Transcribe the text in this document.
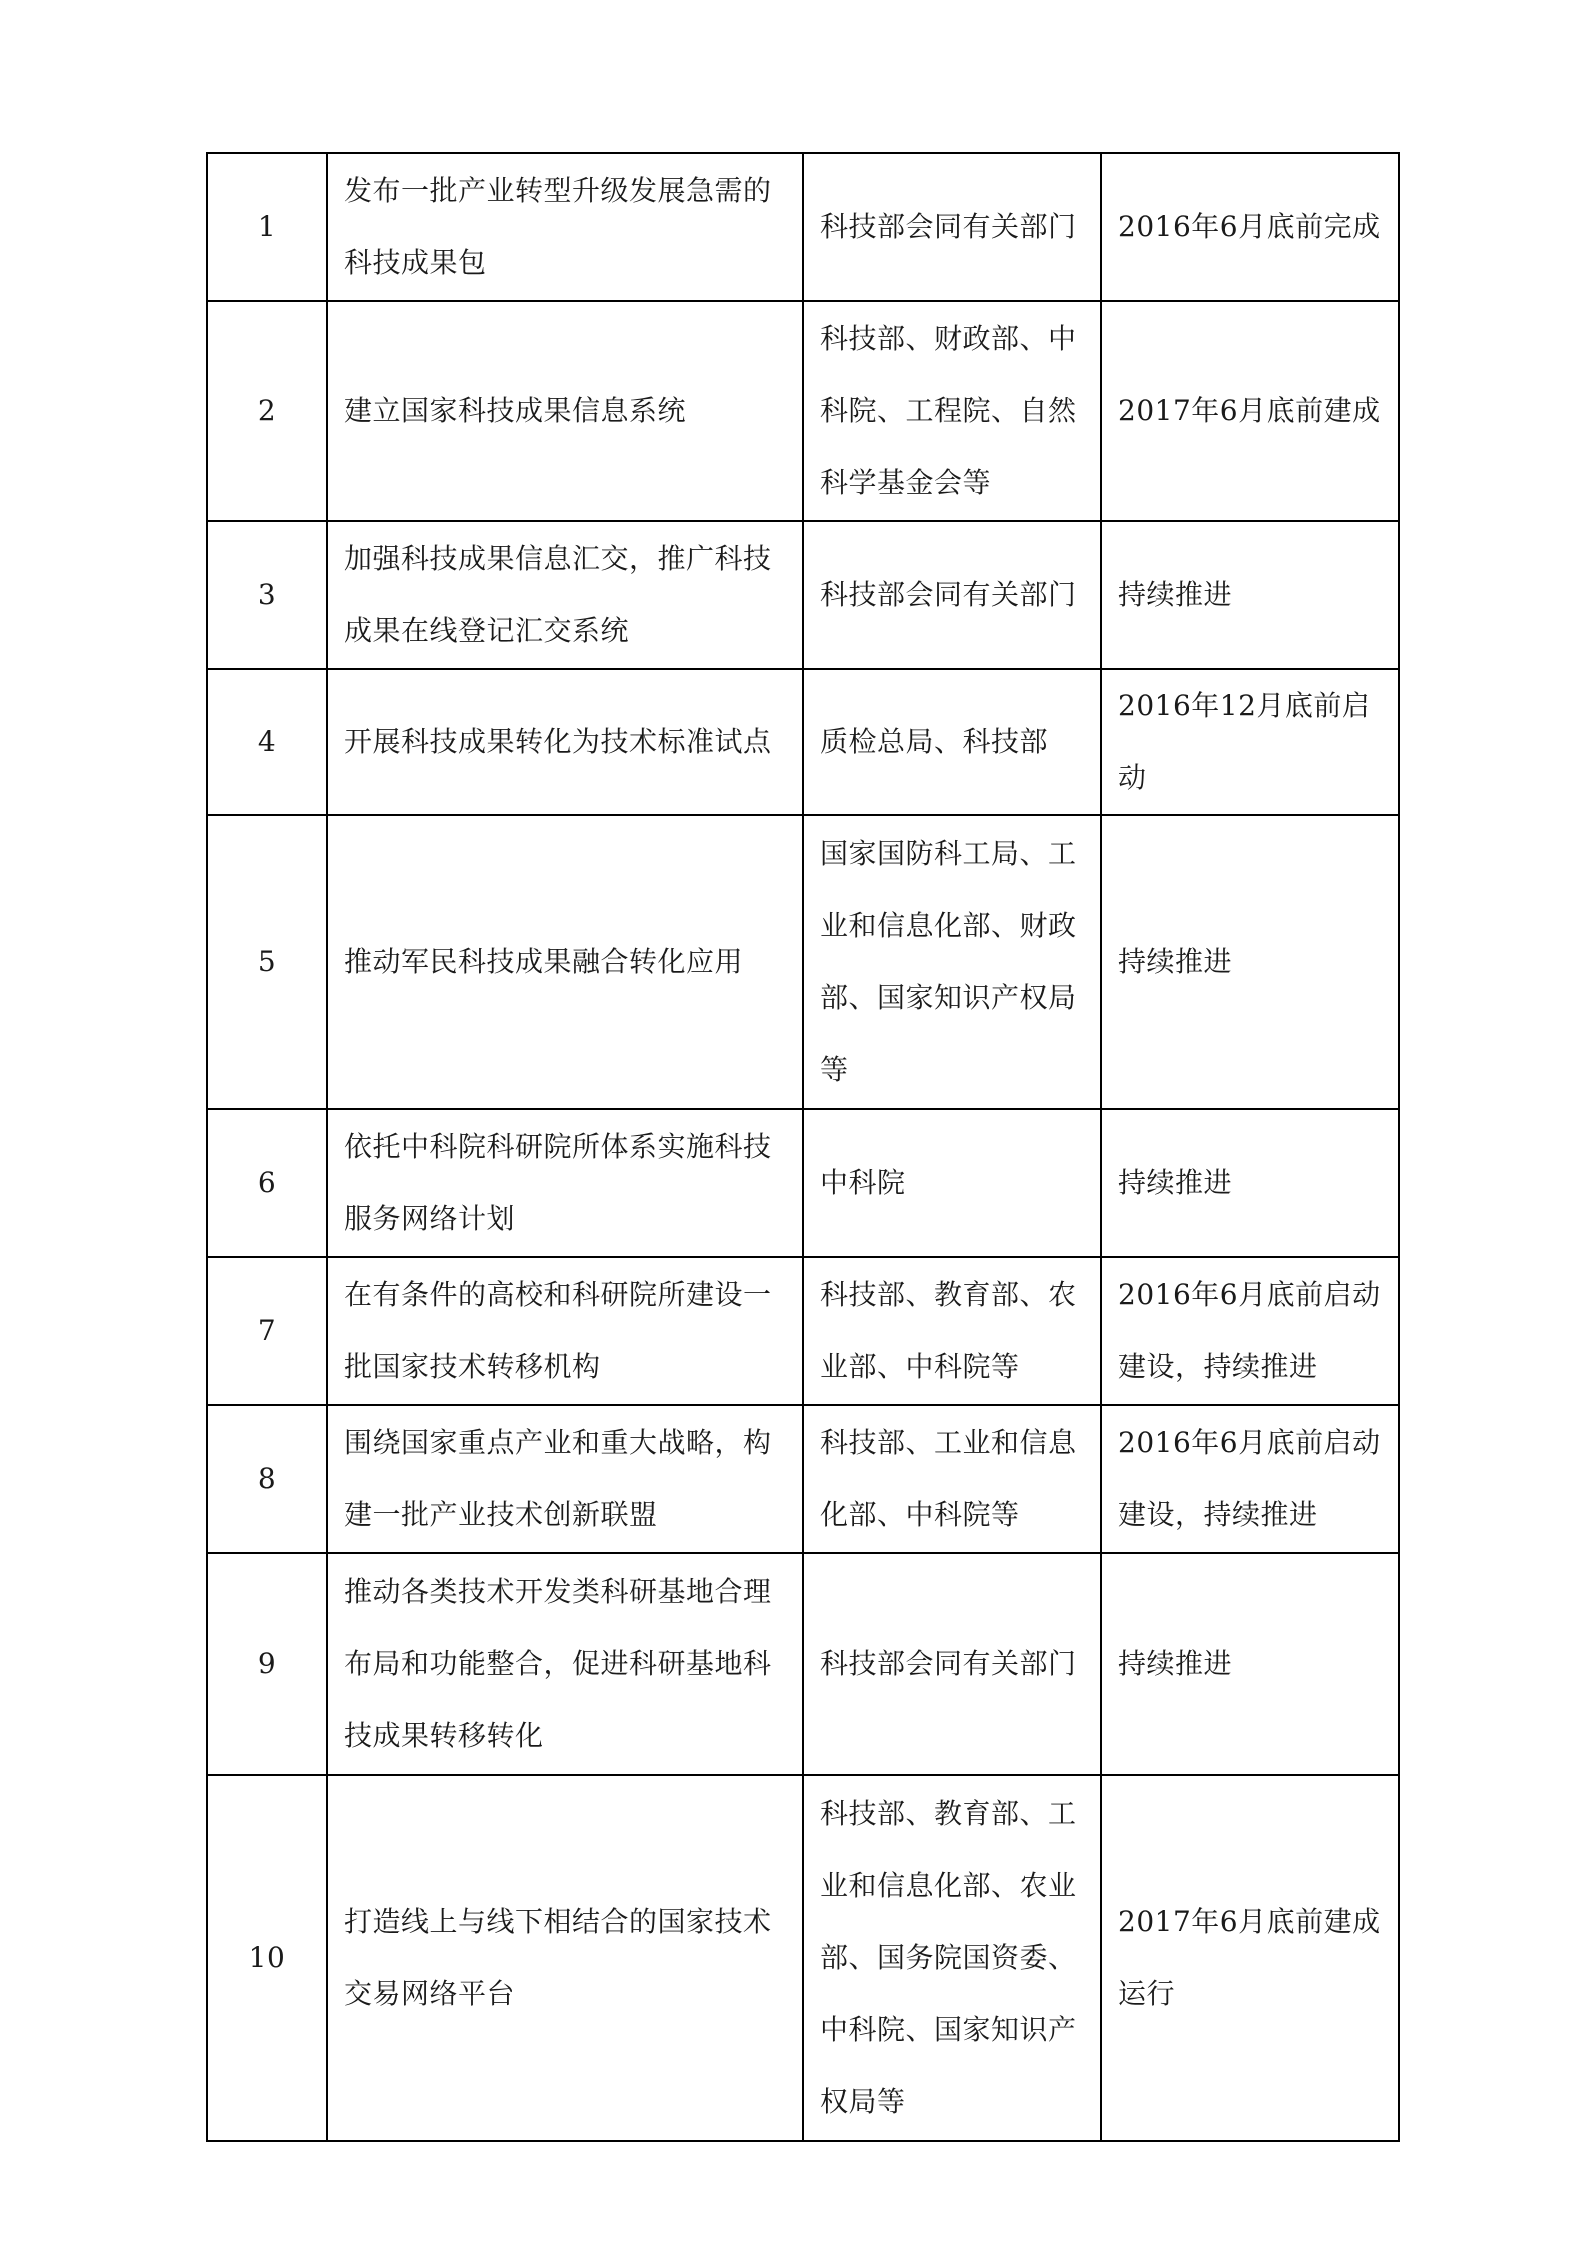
1	发布一批产业转型升级发展急需的
科技成果包	科技部会同有关部门	2016年6月底前完成
2	建立国家科技成果信息系统	科技部、财政部、中
科院、工程院、自然
科学基金会等	2017年6月底前建成
3	加强科技成果信息汇交，推广科技
成果在线登记汇交系统	科技部会同有关部门	持续推进
4	开展科技成果转化为技术标准试点	质检总局、科技部	2016年12月底前启动
5	推动军民科技成果融合转化应用	国家国防科工局、工
业和信息化部、财政
部、国家知识产权局
等	持续推进
6	依托中科院科研院所体系实施科技
服务网络计划	中科院	持续推进
7	在有条件的高校和科研院所建设一
批国家技术转移机构	科技部、教育部、农
业部、中科院等	2016年6月底前启动
建设，持续推进
8	围绕国家重点产业和重大战略，构
建一批产业技术创新联盟	科技部、工业和信息
化部、中科院等	2016年6月底前启动
建设，持续推进
9	推动各类技术开发类科研基地合理
布局和功能整合，促进科研基地科
技成果转移转化	科技部会同有关部门	持续推进
10	打造线上与线下相结合的国家技术
交易网络平台	科技部、教育部、工
业和信息化部、农业
部、国务院国资委、
中科院、国家知识产
权局等	2017年6月底前建成
运行
